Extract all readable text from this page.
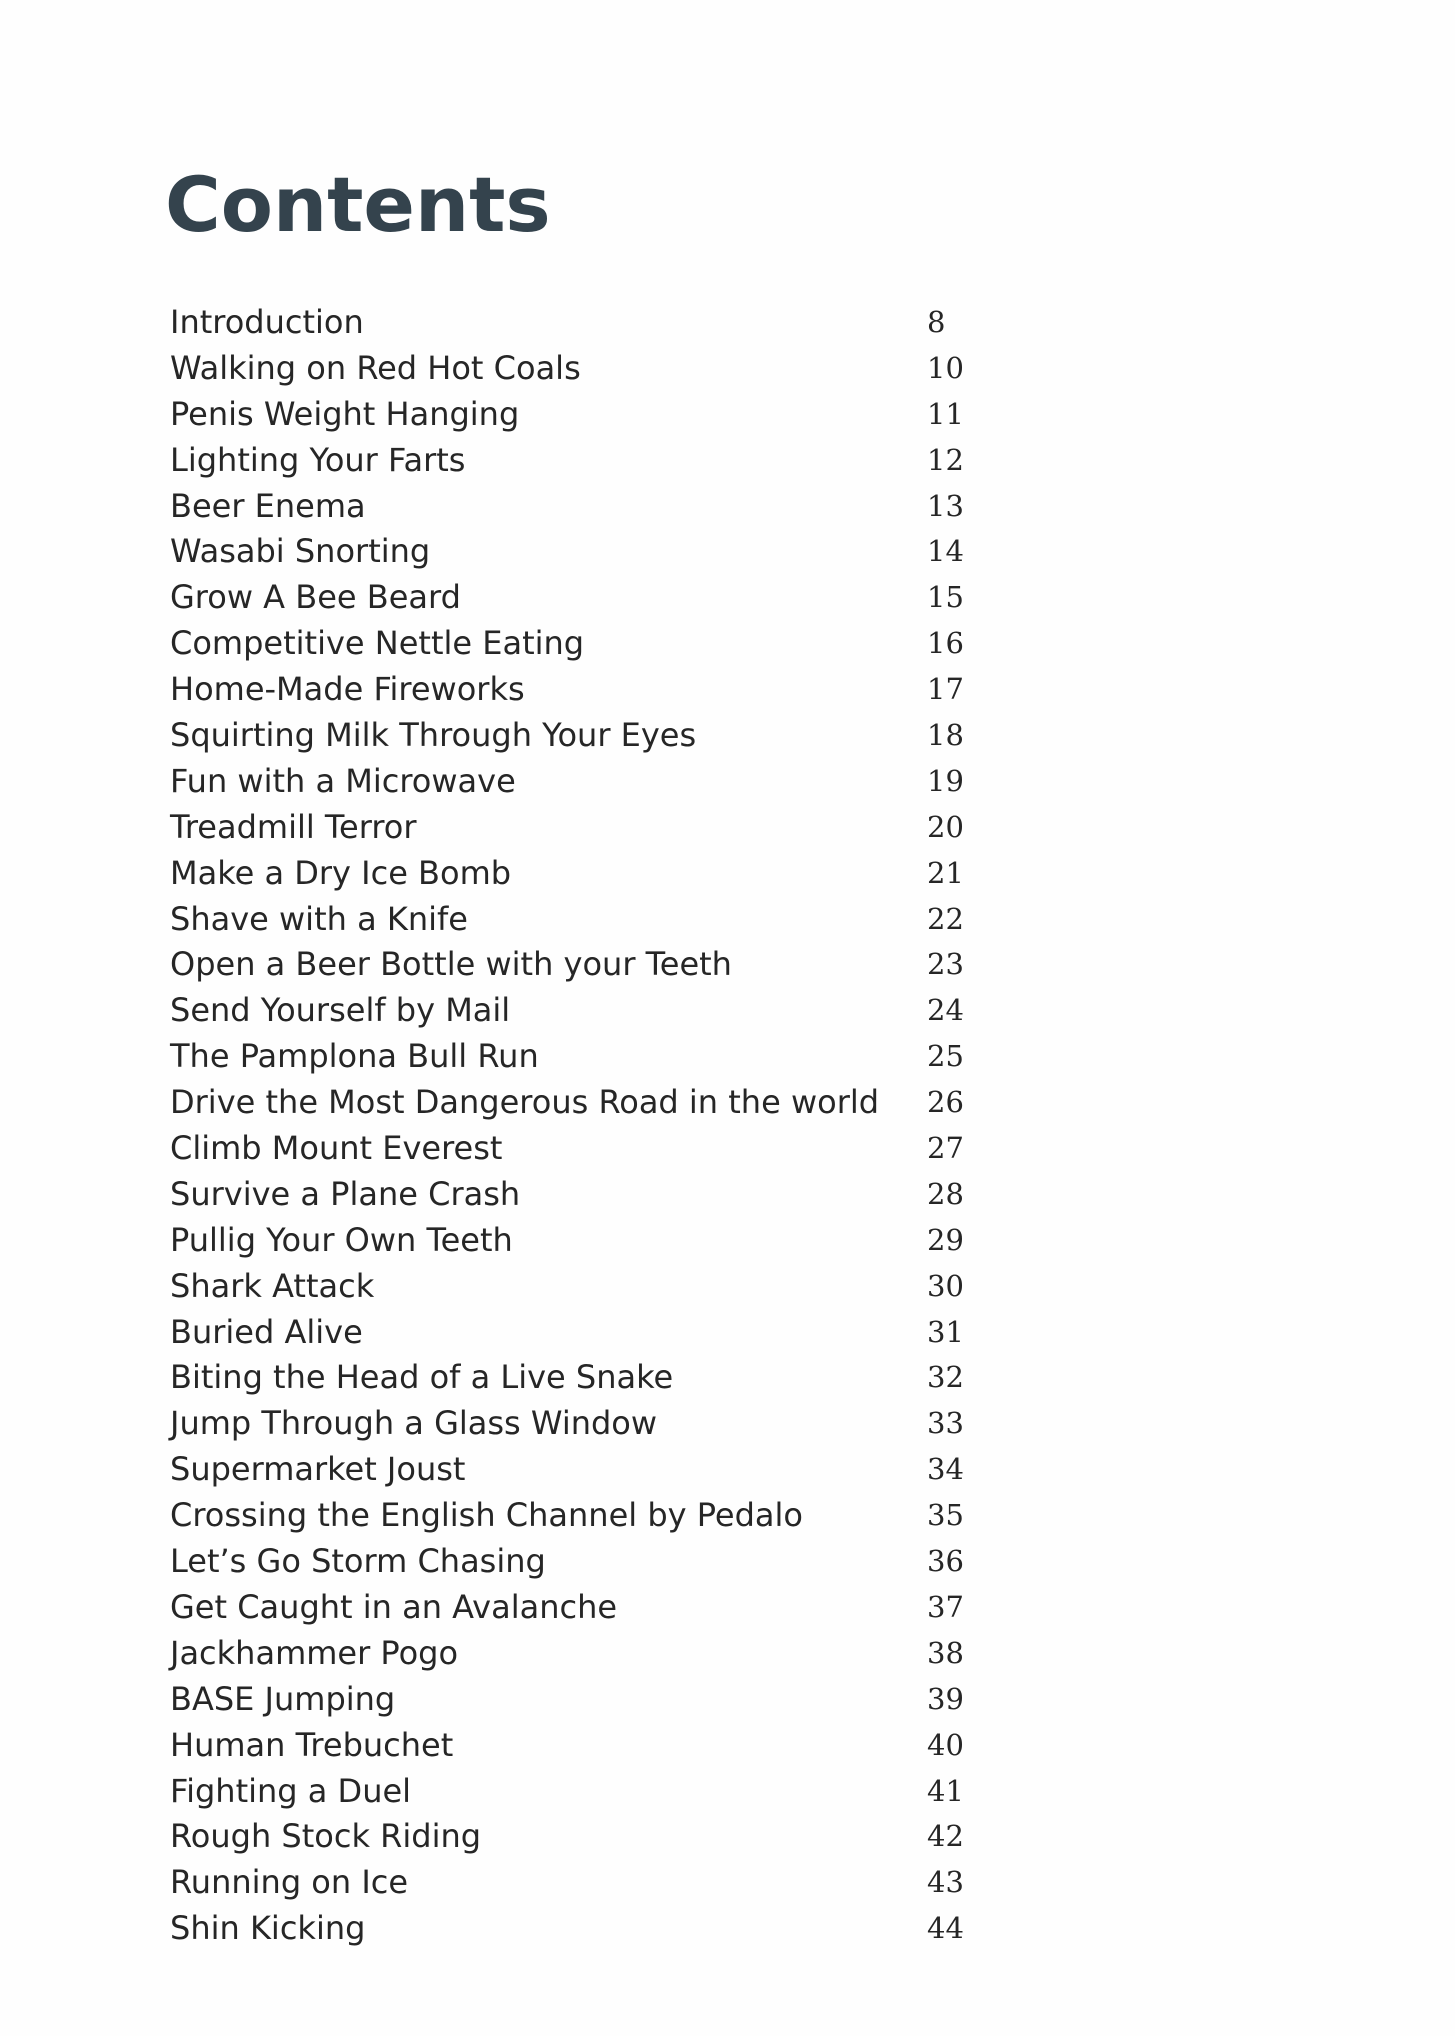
Contents
Introduction	8
Walking on Red Hot Coals	10
Penis Weight Hanging	11
Lighting Your Farts	12
Beer Enema	13
Wasabi Snorting	14
Grow A Bee Beard	15
Competitive Nettle Eating	16
Home-Made Fireworks	17
Squirting Milk Through Your Eyes	18
Fun with a Microwave	19
Treadmill Terror	20
Make a Dry Ice Bomb	21
Shave with a Knife	22
Open a Beer Bottle with your Teeth	23
Send Yourself by Mail	24
The Pamplona Bull Run	25
Drive the Most Dangerous Road in the world 26
Climb Mount Everest	27
Survive a Plane Crash	28
Pullig Your Own Teeth	29
Shark Attack	30
Buried Alive	31
Biting the Head of a Live Snake	32
Jump Through a Glass Window	33
Supermarket Joust	34
Crossing the English Channel by Pedalo	35
Let’s Go Storm Chasing	36
Get Caught in an Avalanche	37
Jackhammer Pogo	38
BASE Jumping	39
Human Trebuchet	40
Fighting a Duel	41
Rough Stock Riding	42
Running on Ice	43
Shin Kicking	44
